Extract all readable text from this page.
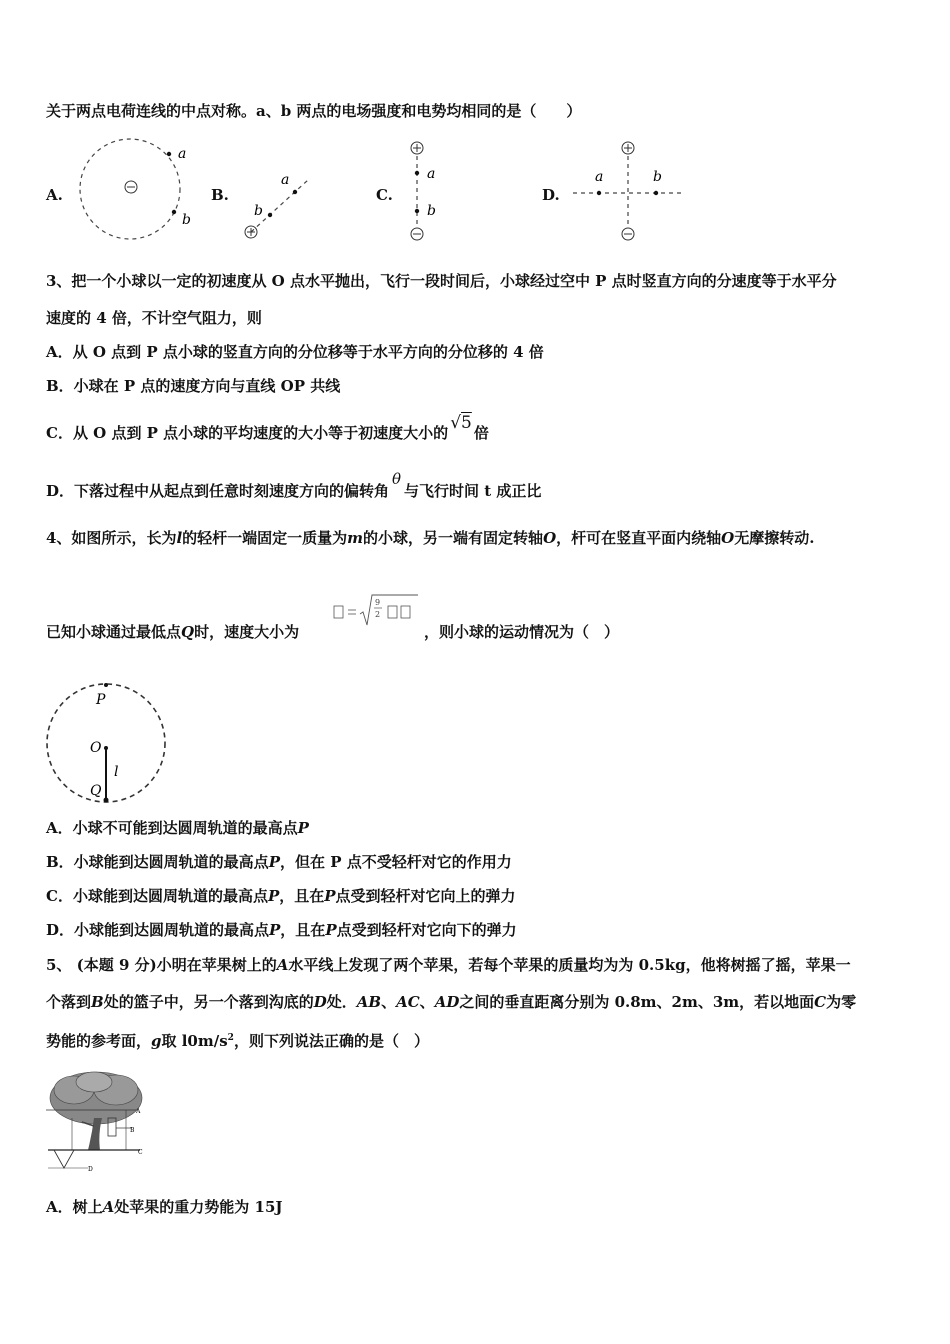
关于两点电荷连线的中点对称。a、b 两点的电场强度和电势均相同的是（　　）
A.	B.	C.	D.
a
b
a
b
a
b
a	b
3、把一个小球以一定的初速度从 O 点水平抛出，飞行一段时间后，小球经过空中 P 点时竖直方向的分速度等于水平分
速度的 4 倍，不计空气阻力，则
A．从 O 点到 P 点小球的竖直方向的分位移等于水平方向的分位移的 4 倍
B．小球在 P 点的速度方向与直线 OP 共线
C．从 O 点到 P 点小球的平均速度的大小等于初速度大小的 √5 倍
D．下落过程中从起点到任意时刻速度方向的偏转角θ与飞行时间 t 成正比
4、如图所示，长为l的轻杆一端固定一质量为m的小球，另一端有固定转轴O，杆可在竖直平面内绕轴O无摩擦转动.
已知小球通过最低点Q时，速度大小为
9
2
，则小球的运动情况为（　）
P
O
l
Q
A．小球不可能到达圆周轨道的最高点P
B．小球能到达圆周轨道的最高点P，但在 P 点不受轻杆对它的作用力
C．小球能到达圆周轨道的最高点P，且在P点受到轻杆对它向上的弹力
D．小球能到达圆周轨道的最高点P，且在P点受到轻杆对它向下的弹力
5、 (本题 9 分)小明在苹果树上的A水平线上发现了两个苹果，若每个苹果的质量均为为 0.5kg，他将树摇了摇，苹果一
个落到B处的篮子中，另一个落到沟底的D处．AB、AC、AD之间的垂直距离分别为 0.8m、2m、3m，若以地面C为零
势能的参考面，g取 $l0m/s^2$，则下列说法正确的是（　）
A
B
C
D
A．树上A处苹果的重力势能为 15J
